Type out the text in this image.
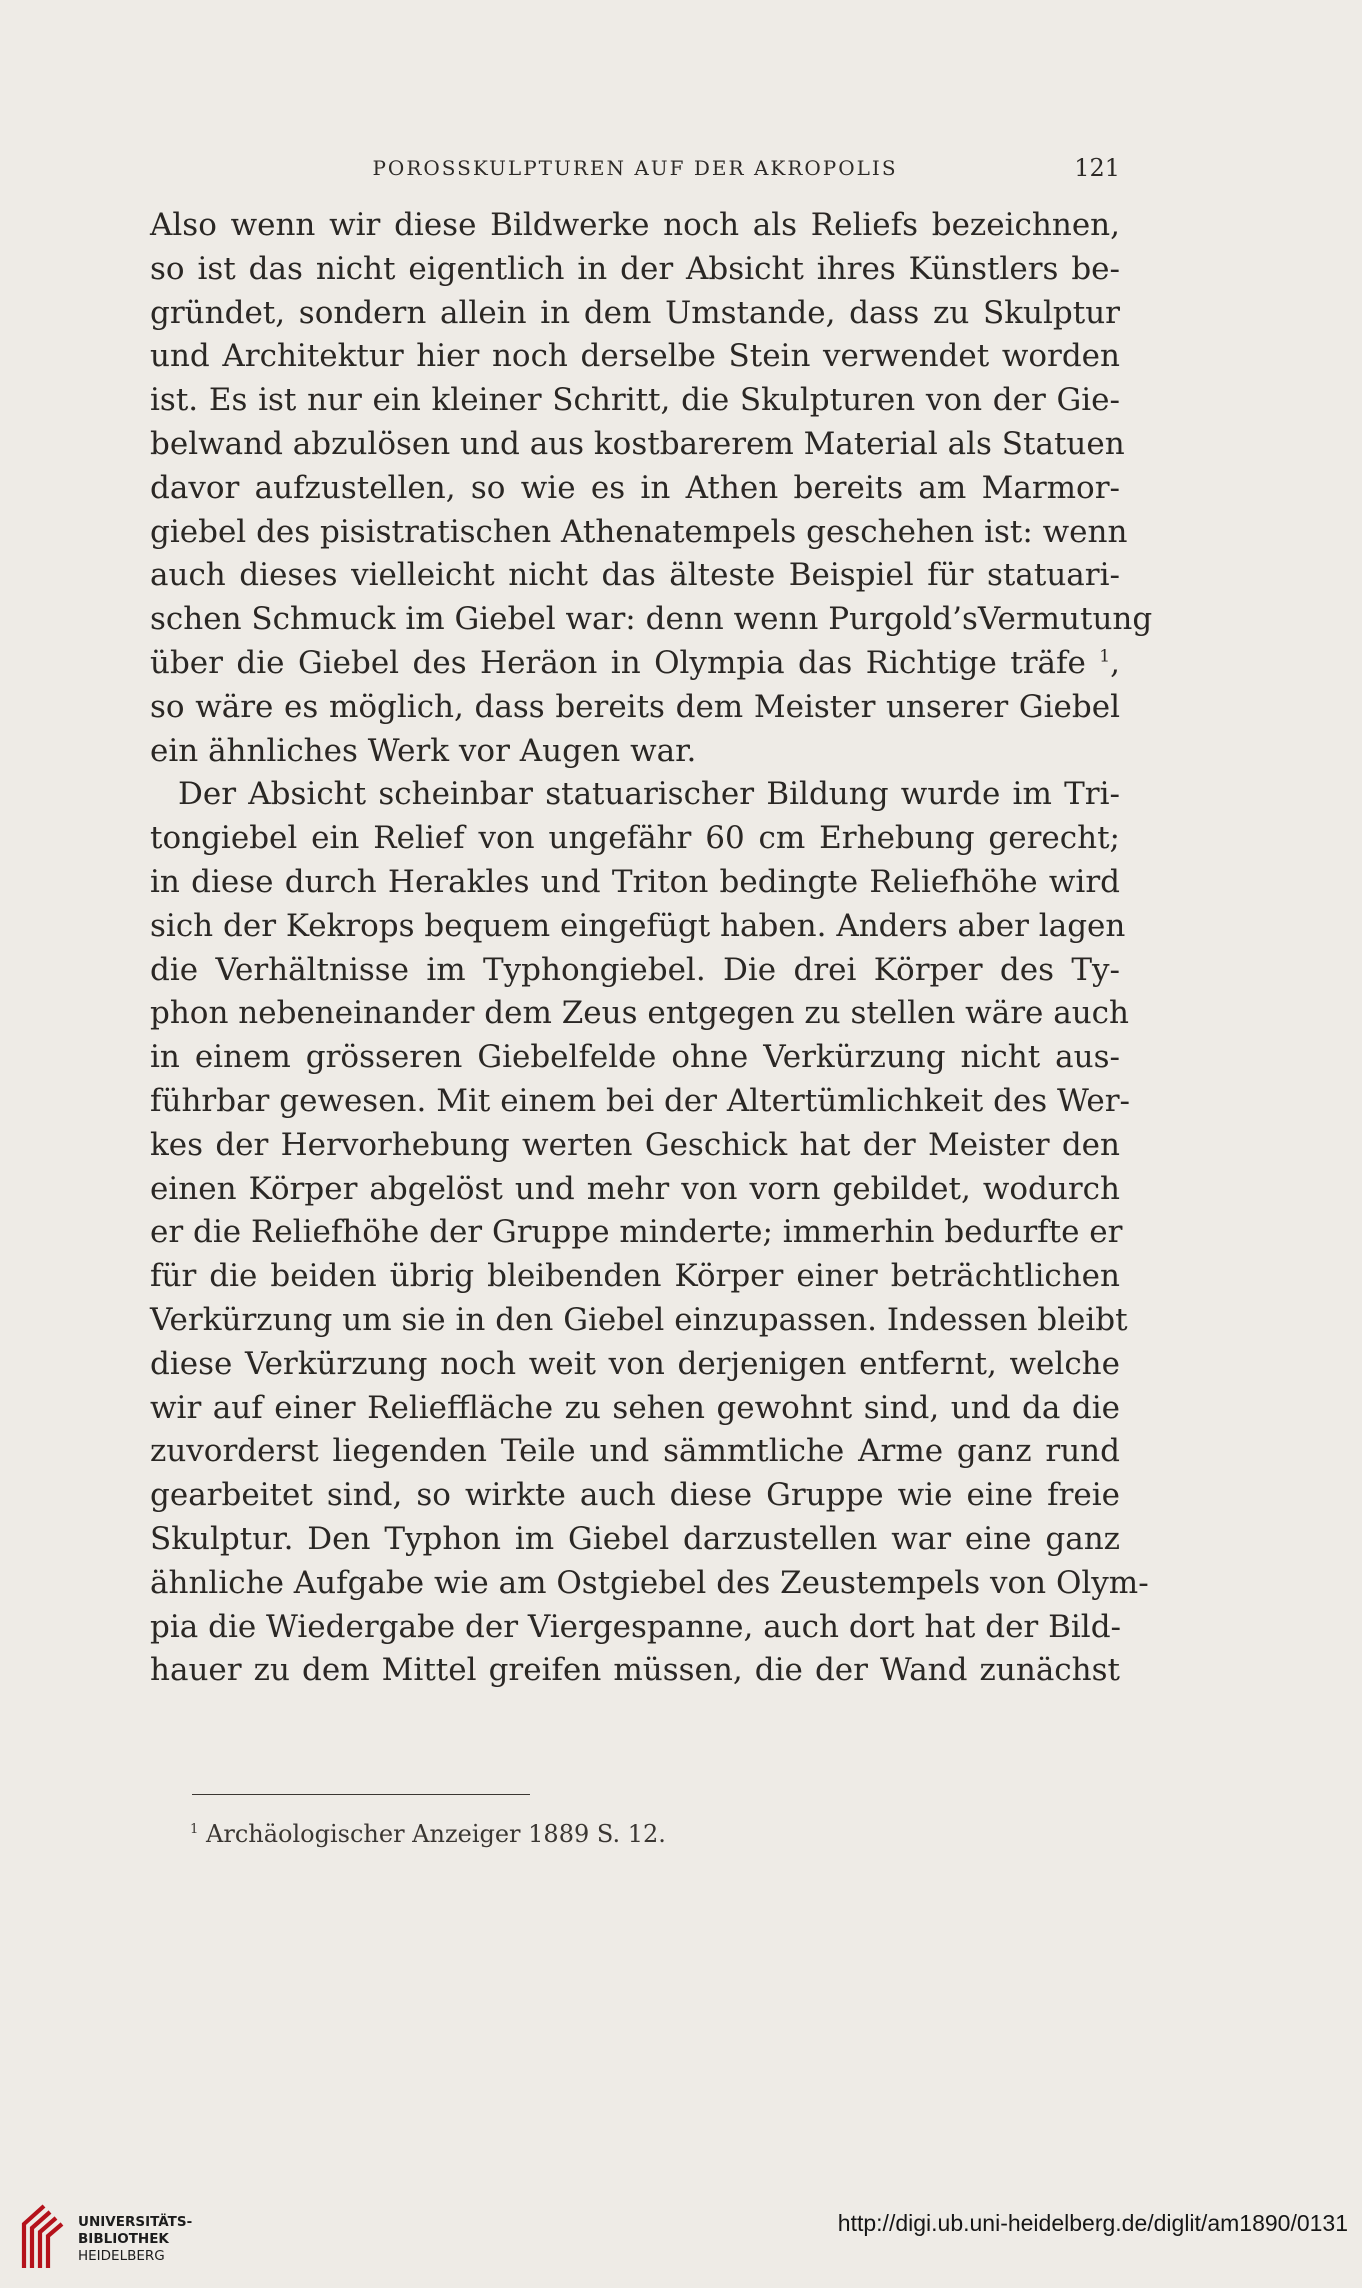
POROSSKULPTUREN AUF DER AKROPOLIS	121
Also wenn wir diese Bildwerke noch als Reliefs bezeichnen,
so ist das nicht eigentlich in der Absicht ihres Künstlers be-
gründet, sondern allein in dem Umstande, dass zu Skulptur
und Architektur hier noch derselbe Stein verwendet worden
ist. Es ist nur ein kleiner Schritt, die Skulpturen von der Gie-
belwand abzulösen und aus kostbarerem Material als Statuen
davor aufzustellen, so wie es in Athen bereits am Marmor-
giebel des pisistratischen Athenatempels geschehen ist: wenn
auch dieses vielleicht nicht das älteste Beispiel für statuari-
schen Schmuck im Giebel war: denn wenn Purgold’sVermutung
über die Giebel des Heräon in Olympia das Richtige träfe $^1$,
so wäre es möglich, dass bereits dem Meister unserer Giebel
ein ähnliches Werk vor Augen war.
Der Absicht scheinbar statuarischer Bildung wurde im Tri-
tongiebel ein Relief von ungefähr 60 cm Erhebung gerecht;
in diese durch Herakles und Triton bedingte Reliefhöhe wird
sich der Kekrops bequem eingefügt haben. Anders aber lagen
die Verhältnisse im Typhongiebel. Die drei Körper des Ty-
phon nebeneinander dem Zeus entgegen zu stellen wäre auch
in einem grösseren Giebelfelde ohne Verkürzung nicht aus-
führbar gewesen. Mit einem bei der Altertümlichkeit des Wer-
kes der Hervorhebung werten Geschick hat der Meister den
einen Körper abgelöst und mehr von vorn gebildet, wodurch
er die Reliefhöhe der Gruppe minderte; immerhin bedurfte er
für die beiden übrig bleibenden Körper einer beträchtlichen
Verkürzung um sie in den Giebel einzupassen. Indessen bleibt
diese Verkürzung noch weit von derjenigen entfernt, welche
wir auf einer Relieffläche zu sehen gewohnt sind, und da die
zuvorderst liegenden Teile und sämmtliche Arme ganz rund
gearbeitet sind, so wirkte auch diese Gruppe wie eine freie
Skulptur. Den Typhon im Giebel darzustellen war eine ganz
ähnliche Aufgabe wie am Ostgiebel des Zeustempels von Olym-
pia die Wiedergabe der Viergespanne, auch dort hat der Bild-
hauer zu dem Mittel greifen müssen, die der Wand zunächst
$^1$ Archäologischer Anzeiger 1889 S. 12.
UNIVERSITÄTS-
BIBLIOTHEK
HEIDELBERG
http://digi.ub.uni-heidelberg.de/diglit/am1890/0131
